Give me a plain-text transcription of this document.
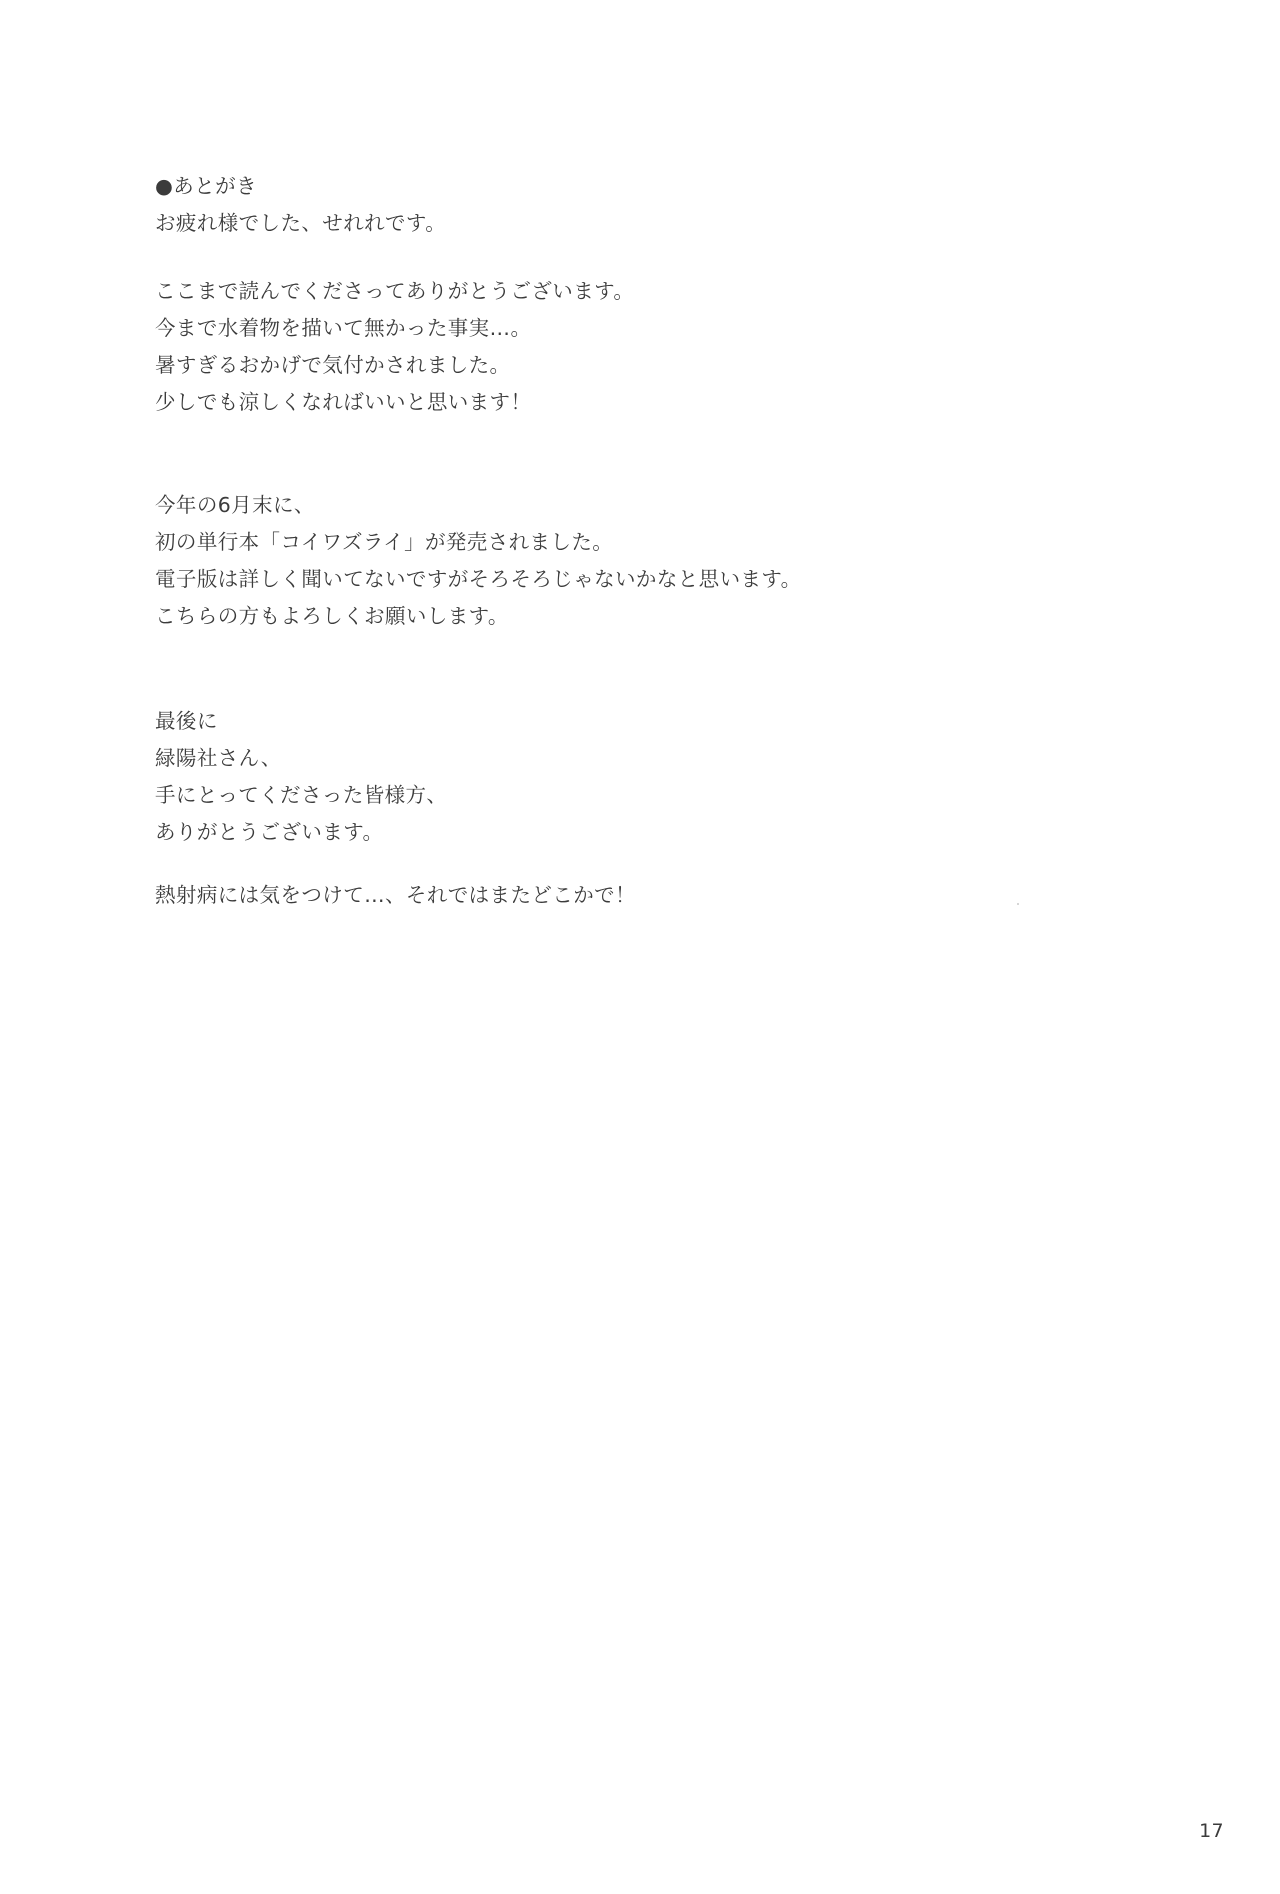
●あとがき
お疲れ様でした、せれれです。
ここまで読んでくださってありがとうございます。
今まで水着物を描いて無かった事実…。
暑すぎるおかげで気付かされました。
少しでも涼しくなればいいと思います！
今年の6月末に、
初の単行本「コイワズライ」が発売されました。
電子版は詳しく聞いてないですがそろそろじゃないかなと思います。
こちらの方もよろしくお願いします。
最後に
緑陽社さん、
手にとってくださった皆様方、
ありがとうございます。
熱射病には気をつけて…、それではまたどこかで！
17
